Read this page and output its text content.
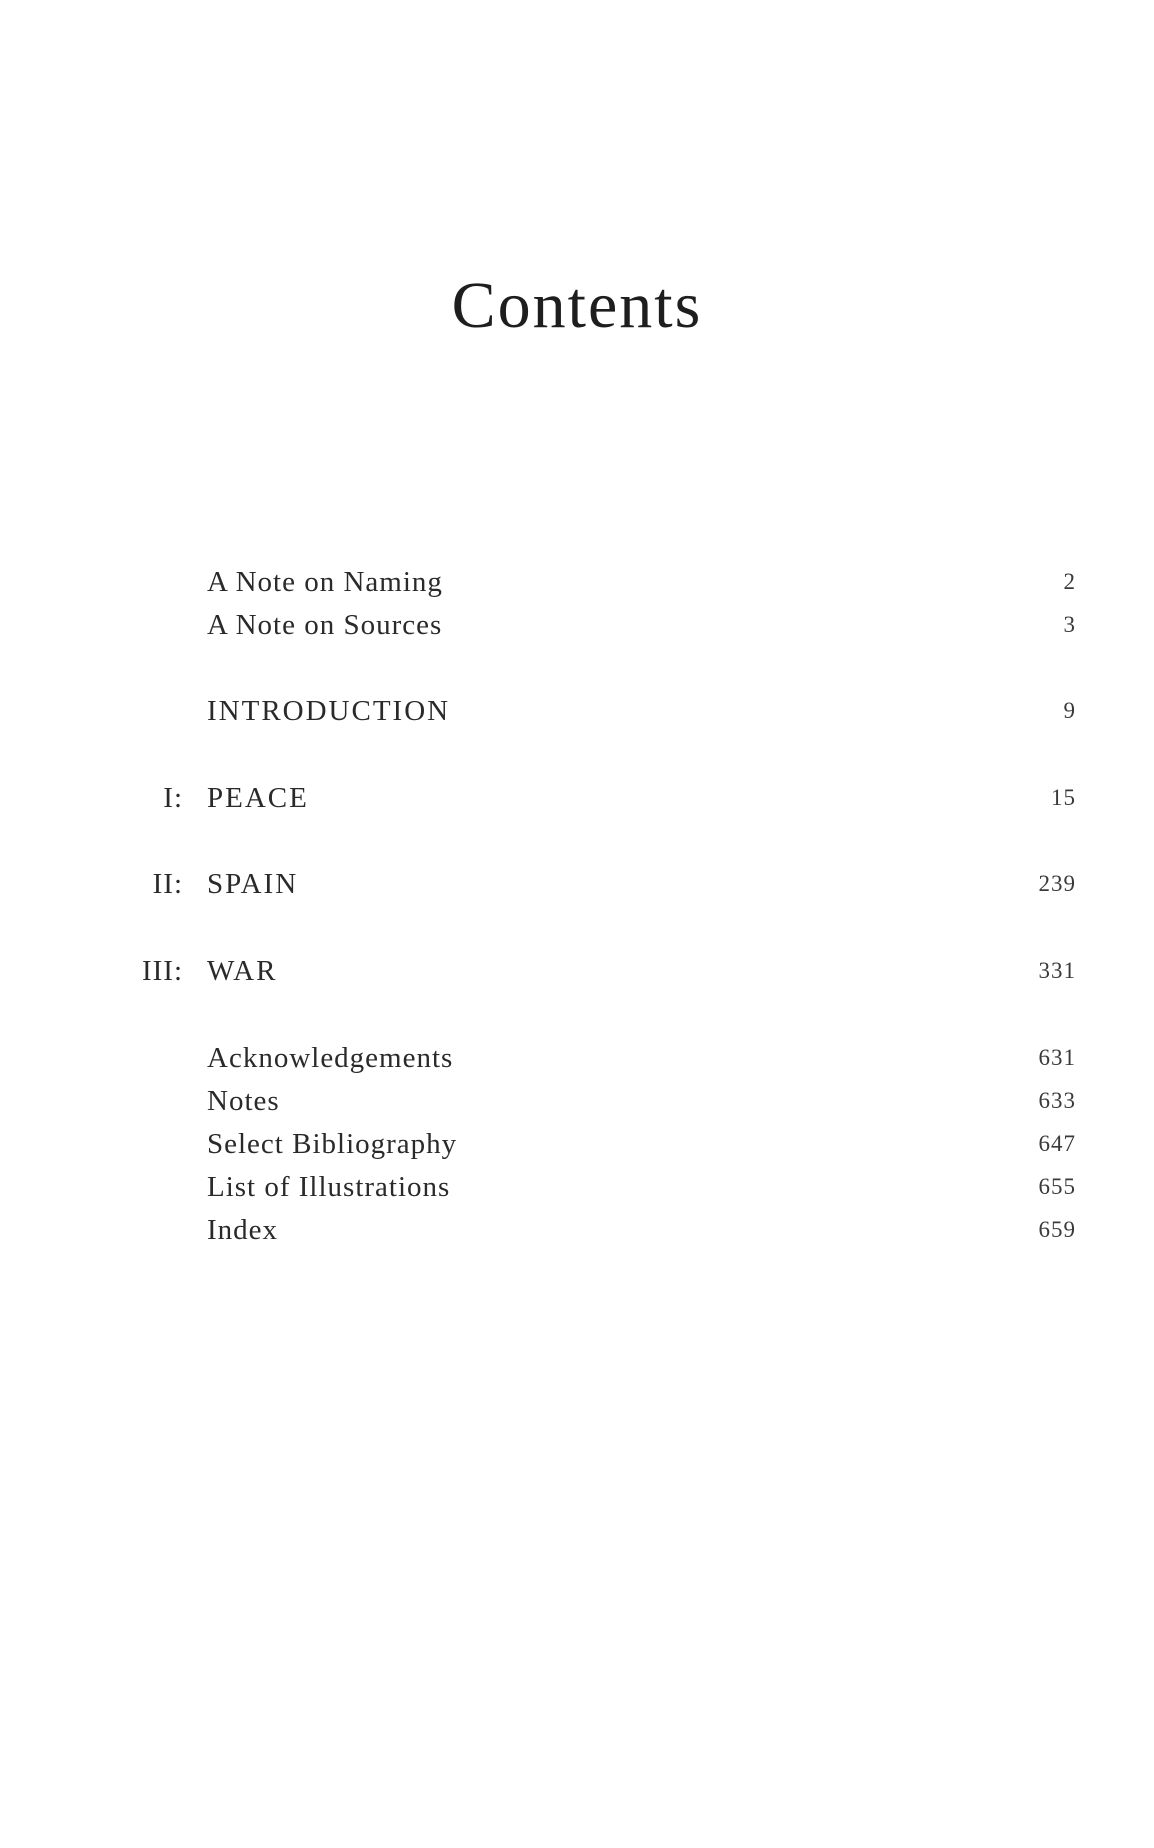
Contents
A Note on Naming	2
A Note on Sources	3
INTRODUCTION	9
I: PEACE	15
II: SPAIN	239
III: WAR	331
Acknowledgements	631
Notes	633
Select Bibliography	647
List of Illustrations	655
Index	659
